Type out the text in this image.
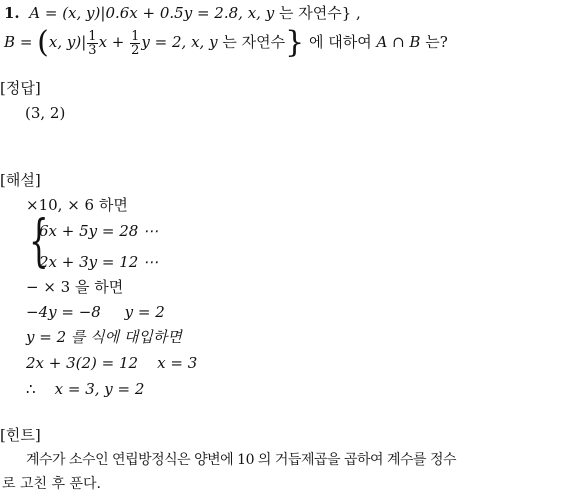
1. A = (x, y)|0.6x + 0.5y = 2.8, x, y 는 자연수} ,
B = (x, $y)| \frac{1}{3}$ $x + \frac{1}{2}$ y = 2, x, y 는 자연수} 에 대하여 A ∩ B 는?
[정답]
(3, 2)
[해설]
×10, × 6 하면
{
6x + 5y = 28 ⋯
2x + 3y = 12 ⋯
− × 3 을 하면
−4y = −8 y = 2
y = 2 를 식에 대입하면
2x + 3(2) = 12 x = 3
∴ x = 3, y = 2
[힌트]
계수가 소수인 연립방정식은 양변에 10 의 거듭제곱을 곱하여 계수를 정수
로 고친 후 푼다.
